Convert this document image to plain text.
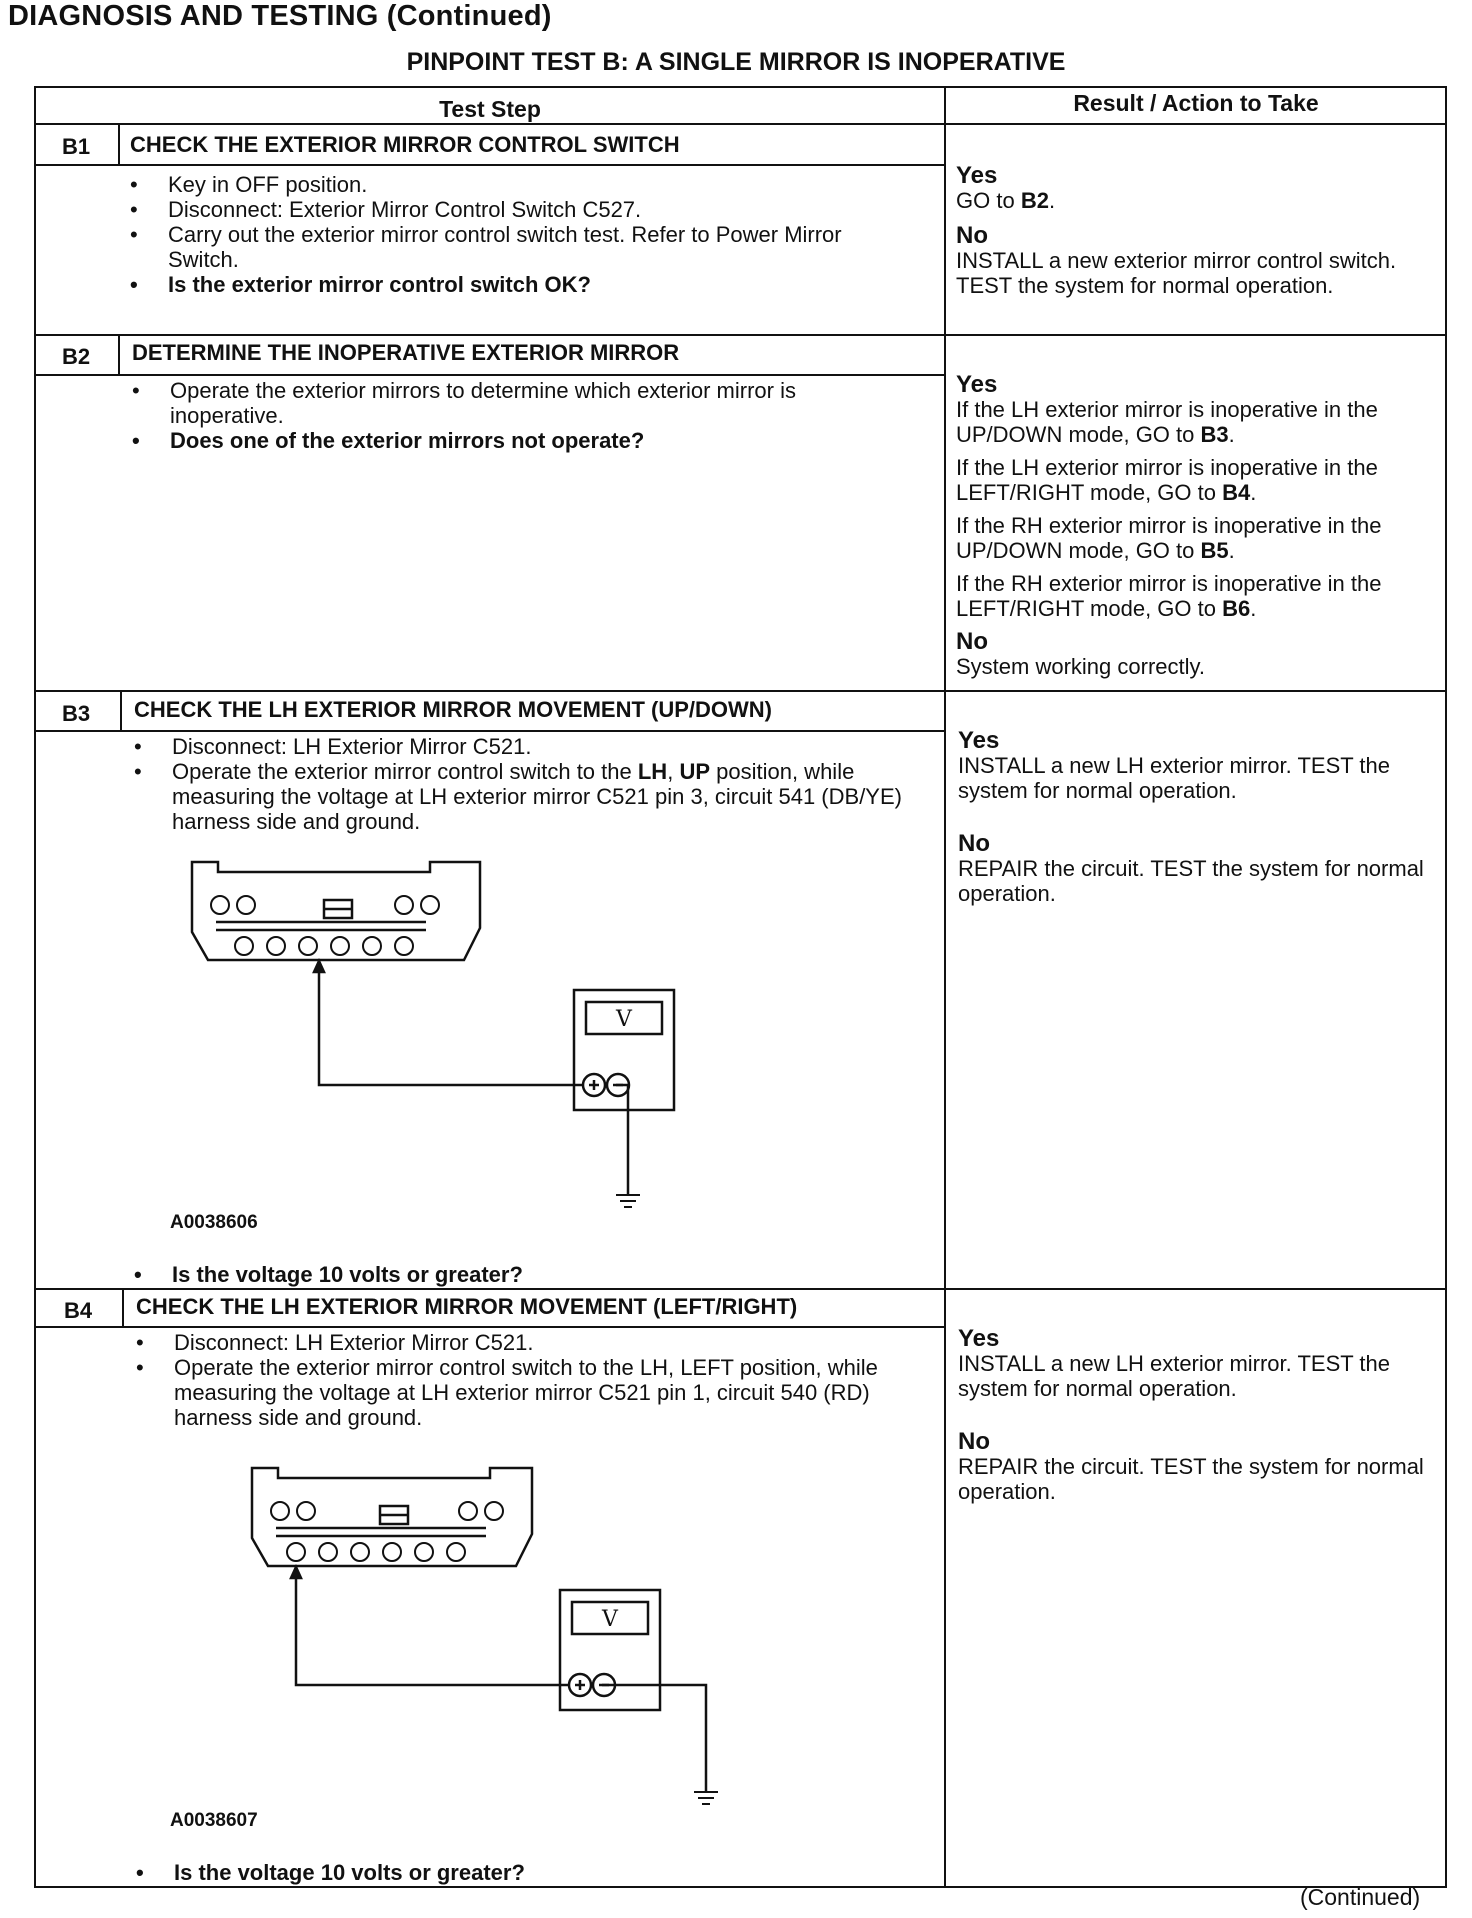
DIAGNOSIS AND TESTING (Continued)
PINPOINT TEST B: A SINGLE MIRROR IS INOPERATIVE
Test Step	Result / Action to Take
B1	CHECK THE EXTERIOR MIRROR CONTROL SWITCH
• Key in OFF position.
• Disconnect: Exterior Mirror Control Switch C527.
• Carry out the exterior mirror control switch test. Refer to Power Mirror Switch.
• Is the exterior mirror control switch OK?

Yes

GO to B2.

No

INSTALL a new exterior mirror control switch. TEST the system for normal operation.

B2	DETERMINE THE INOPERATIVE EXTERIOR MIRROR
• Operate the exterior mirrors to determine which exterior mirror is inoperative.
• Does one of the exterior mirrors not operate?

Yes

If the LH exterior mirror is inoperative in the UP/DOWN mode, GO to B3.

If the LH exterior mirror is inoperative in the LEFT/RIGHT mode, GO to B4.

If the RH exterior mirror is inoperative in the UP/DOWN mode, GO to B5.

If the RH exterior mirror is inoperative in the LEFT/RIGHT mode, GO to B6.

No

System working correctly.

B3	CHECK THE LH EXTERIOR MIRROR MOVEMENT (UP/DOWN)
• Disconnect: LH Exterior Mirror C521.
• Operate the exterior mirror control switch to the LH, UP position, while measuring the voltage at LH exterior mirror C521 pin 3, circuit 541 (DB/YE) harness side and ground.
V
A0038606
• Is the voltage 10 volts or greater?

Yes

INSTALL a new LH exterior mirror. TEST the system for normal operation.

No

REPAIR the circuit. TEST the system for normal operation.

B4	CHECK THE LH EXTERIOR MIRROR MOVEMENT (LEFT/RIGHT)
• Disconnect: LH Exterior Mirror C521.
• Operate the exterior mirror control switch to the LH, LEFT position, while measuring the voltage at LH exterior mirror C521 pin 1, circuit 540 (RD) harness side and ground.
V
A0038607
• Is the voltage 10 volts or greater?

Yes

INSTALL a new LH exterior mirror. TEST the system for normal operation.

No

REPAIR the circuit. TEST the system for normal operation.

(Continued)
